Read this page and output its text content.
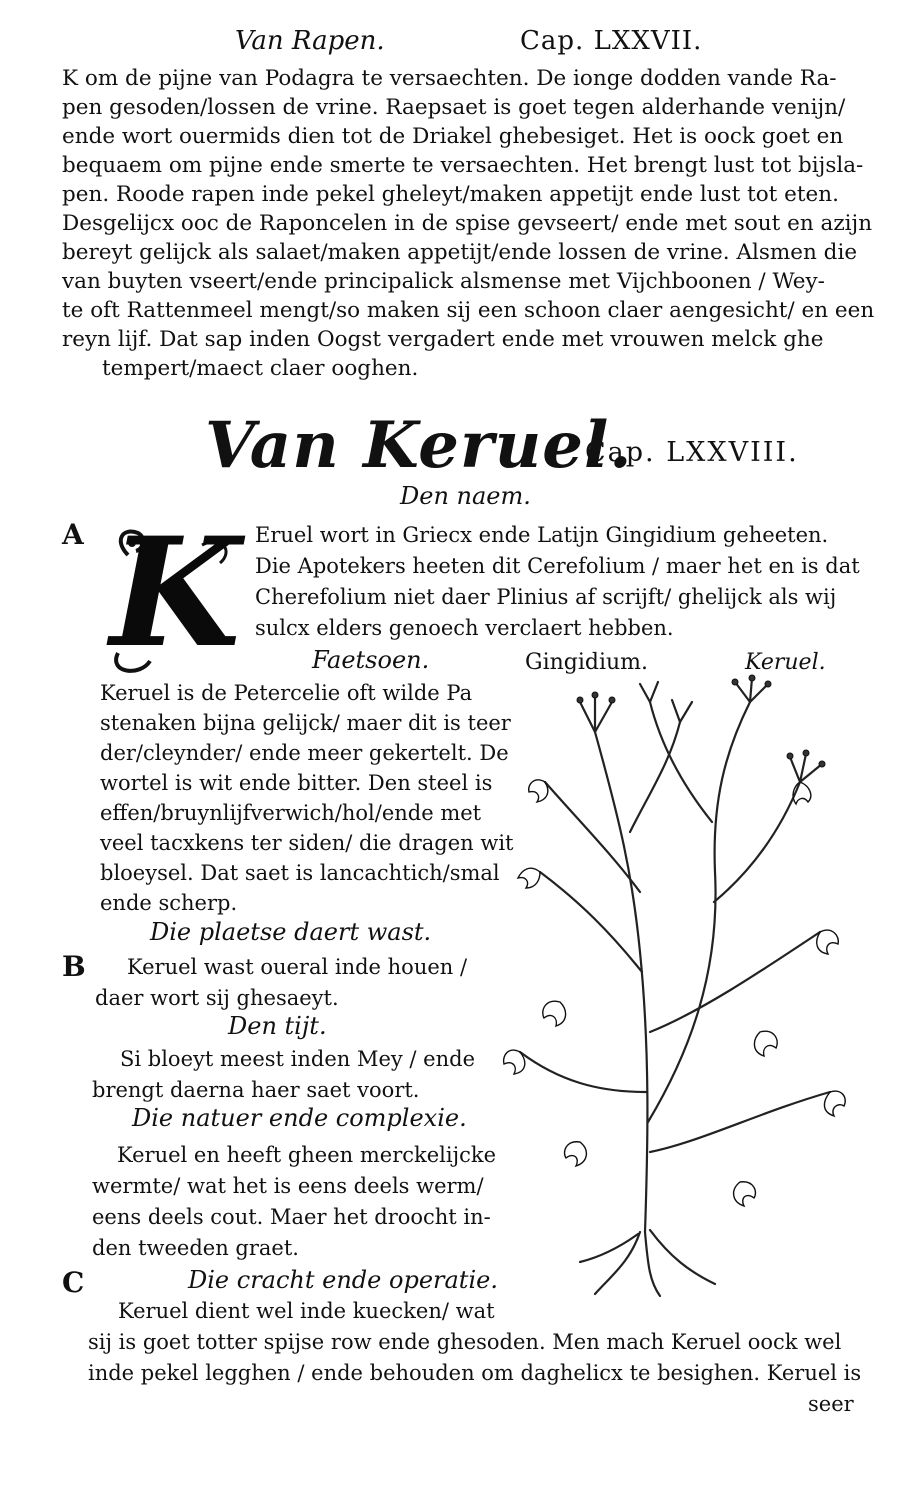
Van Rapen.	Cap. LXXVII.
K om de pijne van Podagra te versaechten. De ionge dodden vande Ra-
pen gesoden/lossen de vrine. Raepsaet is goet tegen alderhande venijn/
ende wort ouermids dien tot de Driakel ghebesiget. Het is oock goet en
bequaem om pijne ende smerte te versaechten. Het brengt lust tot bijsla-
pen. Roode rapen inde pekel gheleyt/maken appetijt ende lust tot eten.
Desgelijcx ooc de Raponcelen in de spise gevseert/ ende met sout en azijn
bereyt gelijck als salaet/maken appetijt/ende lossen de vrine. Alsmen die
van buyten vseert/ende principalick alsmense met Vijchboonen / Wey-
te oft Rattenmeel mengt/so maken sij een schoon claer aengesicht/ en een
reyn lijf. Dat sap inden Oogst vergadert ende met vrouwen melck ghe
tempert/maect claer ooghen.
Van Keruel.
Cap. LXXVIII.
Den naem.
A K Eruel wort in Griecx ende Latijn Gingidium geheeten.
Die Apotekers heeten dit Cerefolium / maer het en is dat
Cherefolium niet daer Plinius af scrijft/ ghelijck als wij
sulcx elders genoech verclaert hebben.
Faetsoen.	Gingidium.	Keruel.
Keruel is de Petercelie oft wilde Pa
stenaken bijna gelijck/ maer dit is teer
der/cleynder/ ende meer gekertelt. De
wortel is wit ende bitter. Den steel is
effen/bruynlijfverwich/hol/ende met
veel tacxkens ter siden/ die dragen wit
bloeysel. Dat saet is lancachtich/smal
ende scherp.
Die plaetse daert wast.
B Keruel wast oueral inde houen /
daer wort sij ghesaeyt.
Den tijt.
Si bloeyt meest inden Mey / ende
brengt daerna haer saet voort.
Die natuer ende complexie.
Keruel en heeft gheen merckelijcke
wermte/ wat het is eens deels werm/
eens deels cout. Maer het droocht in-
den tweeden graet.
C	Die cracht ende operatie.
Keruel dient wel inde kuecken/ wat
sij is goet totter spijse row ende ghesoden. Men mach Keruel oock wel
inde pekel legghen / ende behouden om daghelicx te besighen. Keruel is
seer
